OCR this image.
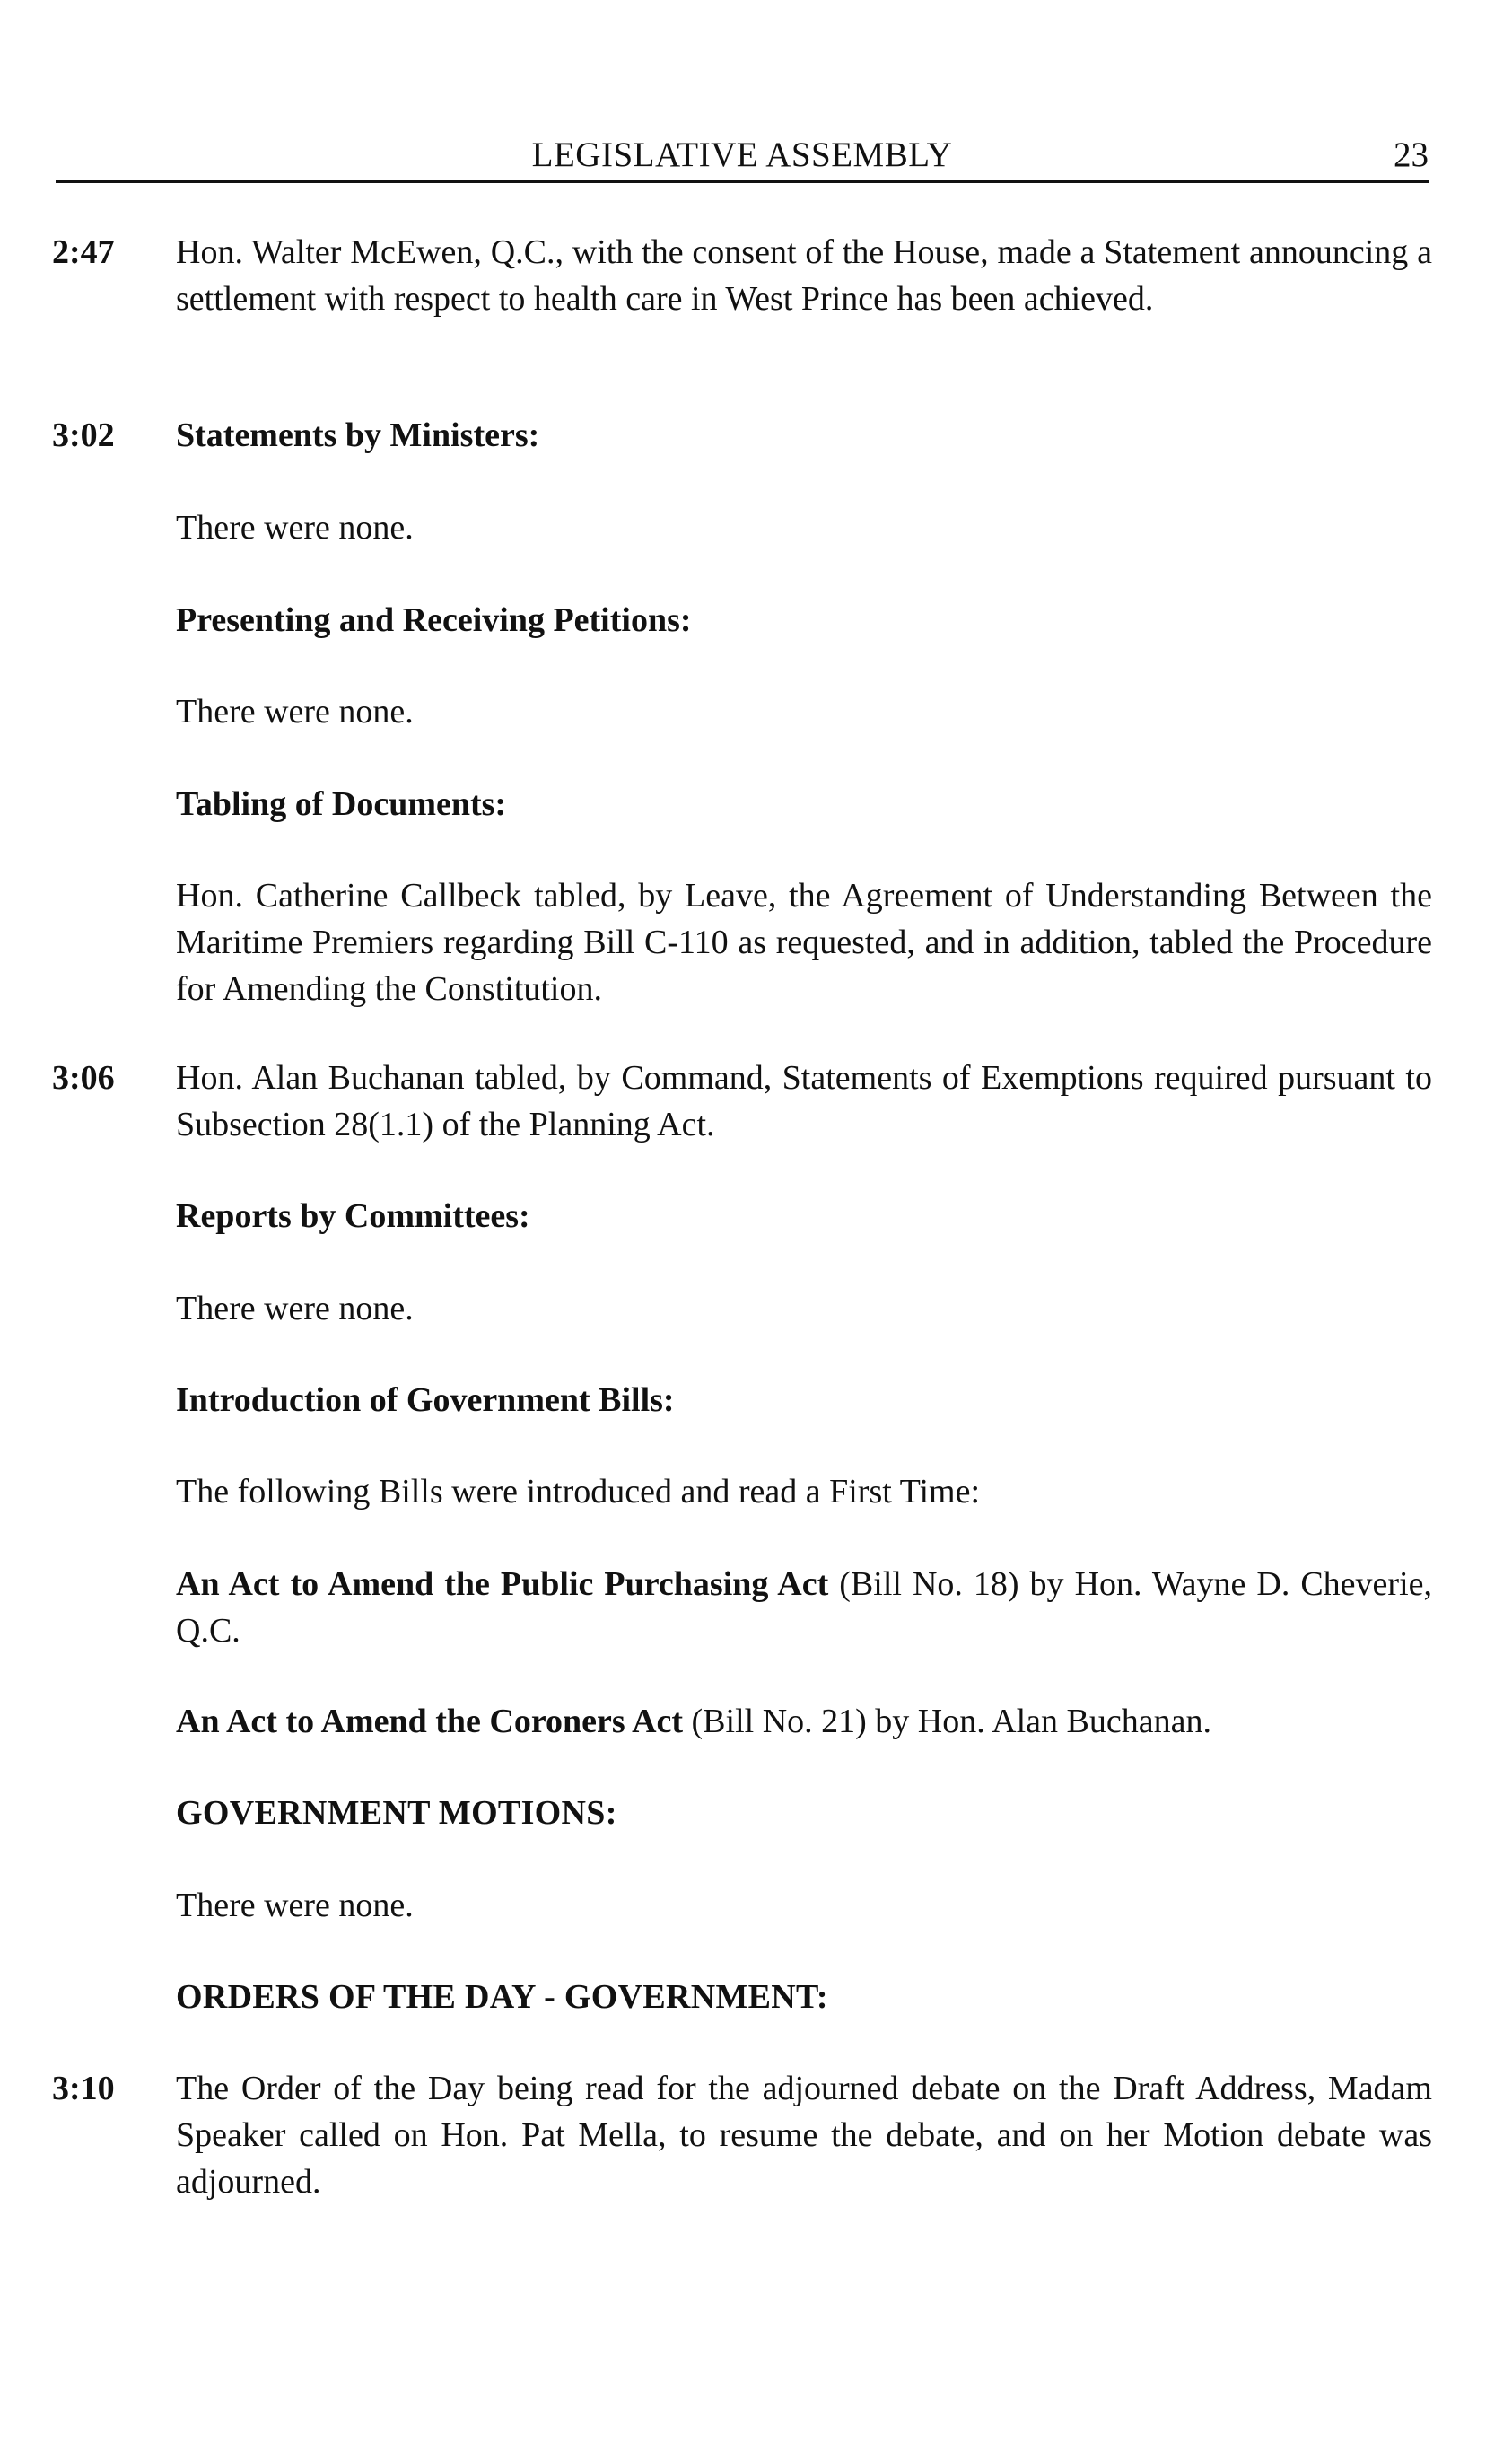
LEGISLATIVE ASSEMBLY	23
2:47 Hon. Walter McEwen, Q.C., with the consent of the House, made a Statement announcing a settlement with respect to health care in West Prince has been achieved.
3:02 Statements by Ministers:
There were none.
Presenting and Receiving Petitions:
There were none.
Tabling of Documents:
Hon. Catherine Callbeck tabled, by Leave, the Agreement of Understanding Between the Maritime Premiers regarding Bill C-110 as requested, and in addition, tabled the Procedure for Amending the Constitution.
3:06 Hon. Alan Buchanan tabled, by Command, Statements of Exemptions required pursuant to Subsection 28(1.1) of the Planning Act.
Reports by Committees:
There were none.
Introduction of Government Bills:
The following Bills were introduced and read a First Time:
An Act to Amend the Public Purchasing Act (Bill No. 18) by Hon. Wayne D. Cheverie, Q.C.
An Act to Amend the Coroners Act (Bill No. 21) by Hon. Alan Buchanan.
GOVERNMENT MOTIONS:
There were none.
ORDERS OF THE DAY - GOVERNMENT:
3:10 The Order of the Day being read for the adjourned debate on the Draft Address, Madam Speaker called on Hon. Pat Mella, to resume the debate, and on her Motion debate was adjourned.
